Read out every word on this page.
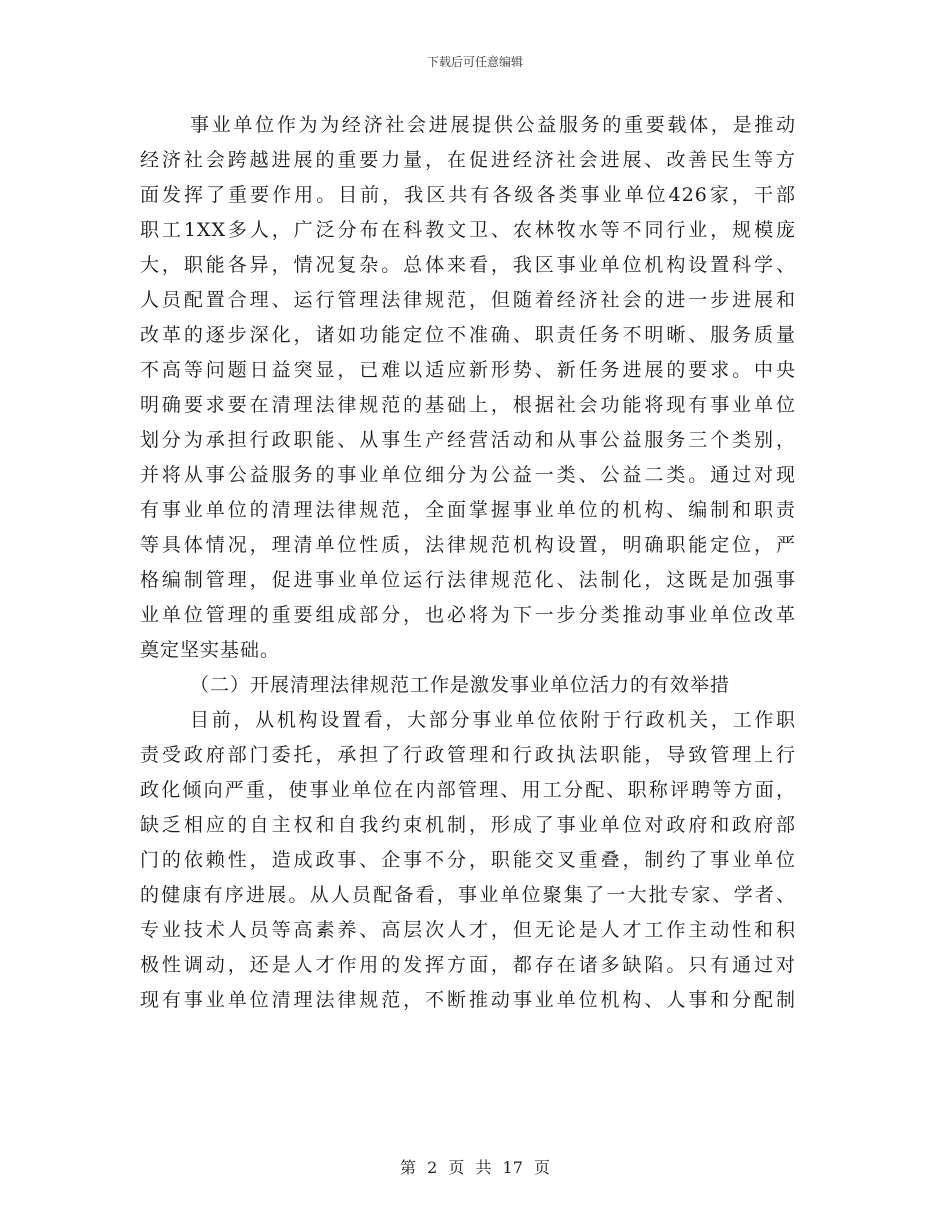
下载后可任意编辑
事业单位作为为经济社会进展提供公益服务的重要载体，是推动
经济社会跨越进展的重要力量，在促进经济社会进展、改善民生等方
面发挥了重要作用。目前，我区共有各级各类事业单位426家，干部
职工1XX多人，广泛分布在科教文卫、农林牧水等不同行业，规模庞
大，职能各异，情况复杂。总体来看，我区事业单位机构设置科学、
人员配置合理、运行管理法律规范，但随着经济社会的进一步进展和
改革的逐步深化，诸如功能定位不准确、职责任务不明晰、服务质量
不高等问题日益突显，已难以适应新形势、新任务进展的要求。中央
明确要求要在清理法律规范的基础上，根据社会功能将现有事业单位
划分为承担行政职能、从事生产经营活动和从事公益服务三个类别，
并将从事公益服务的事业单位细分为公益一类、公益二类。通过对现
有事业单位的清理法律规范，全面掌握事业单位的机构、编制和职责
等具体情况，理清单位性质，法律规范机构设置，明确职能定位，严
格编制管理，促进事业单位运行法律规范化、法制化，这既是加强事
业单位管理的重要组成部分，也必将为下一步分类推动事业单位改革
奠定坚实基础。
（二）开展清理法律规范工作是激发事业单位活力的有效举措
目前，从机构设置看，大部分事业单位依附于行政机关，工作职
责受政府部门委托，承担了行政管理和行政执法职能，导致管理上行
政化倾向严重，使事业单位在内部管理、用工分配、职称评聘等方面，
缺乏相应的自主权和自我约束机制，形成了事业单位对政府和政府部
门的依赖性，造成政事、企事不分，职能交叉重叠，制约了事业单位
的健康有序进展。从人员配备看，事业单位聚集了一大批专家、学者、
专业技术人员等高素养、高层次人才，但无论是人才工作主动性和积
极性调动，还是人才作用的发挥方面，都存在诸多缺陷。只有通过对
现有事业单位清理法律规范，不断推动事业单位机构、人事和分配制
第 2 页 共 17 页
